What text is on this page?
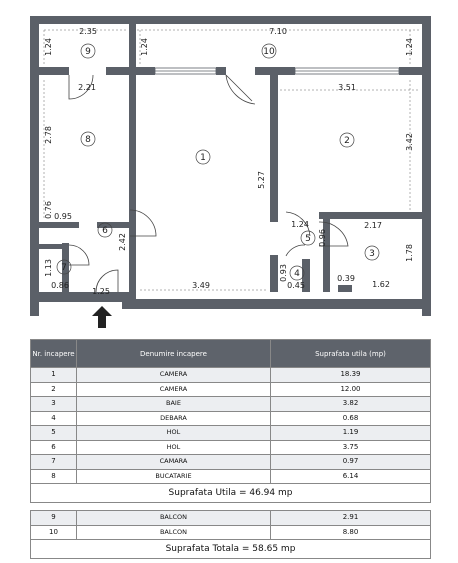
2.35	7.10
1.24	1.24	1.24
2.21	3.51
2.78	3.42
5.27
0.76 0.95
2.42
1.24
0.96
2.17
1.78
1.13
0.86
1.25
3.49
0.93
0.45
0.39
1.62
9	10
8
1
2
6
5
3
7
4
Nr. incapere	Denumire incapere	Suprafata utila (mp)
1	CAMERA	18.39
2	CAMERA	12.00
3	BAIE	3.82
4	DEBARA	0.68
5	HOL	1.19
6	HOL	3.75
7	CAMARA	0.97
8	BUCATARIE	6.14
Suprafata Utila = 46.94 mp		

9	BALCON	2.91
10	BALCON	8.80
Suprafata Totala = 58.65 mp		
